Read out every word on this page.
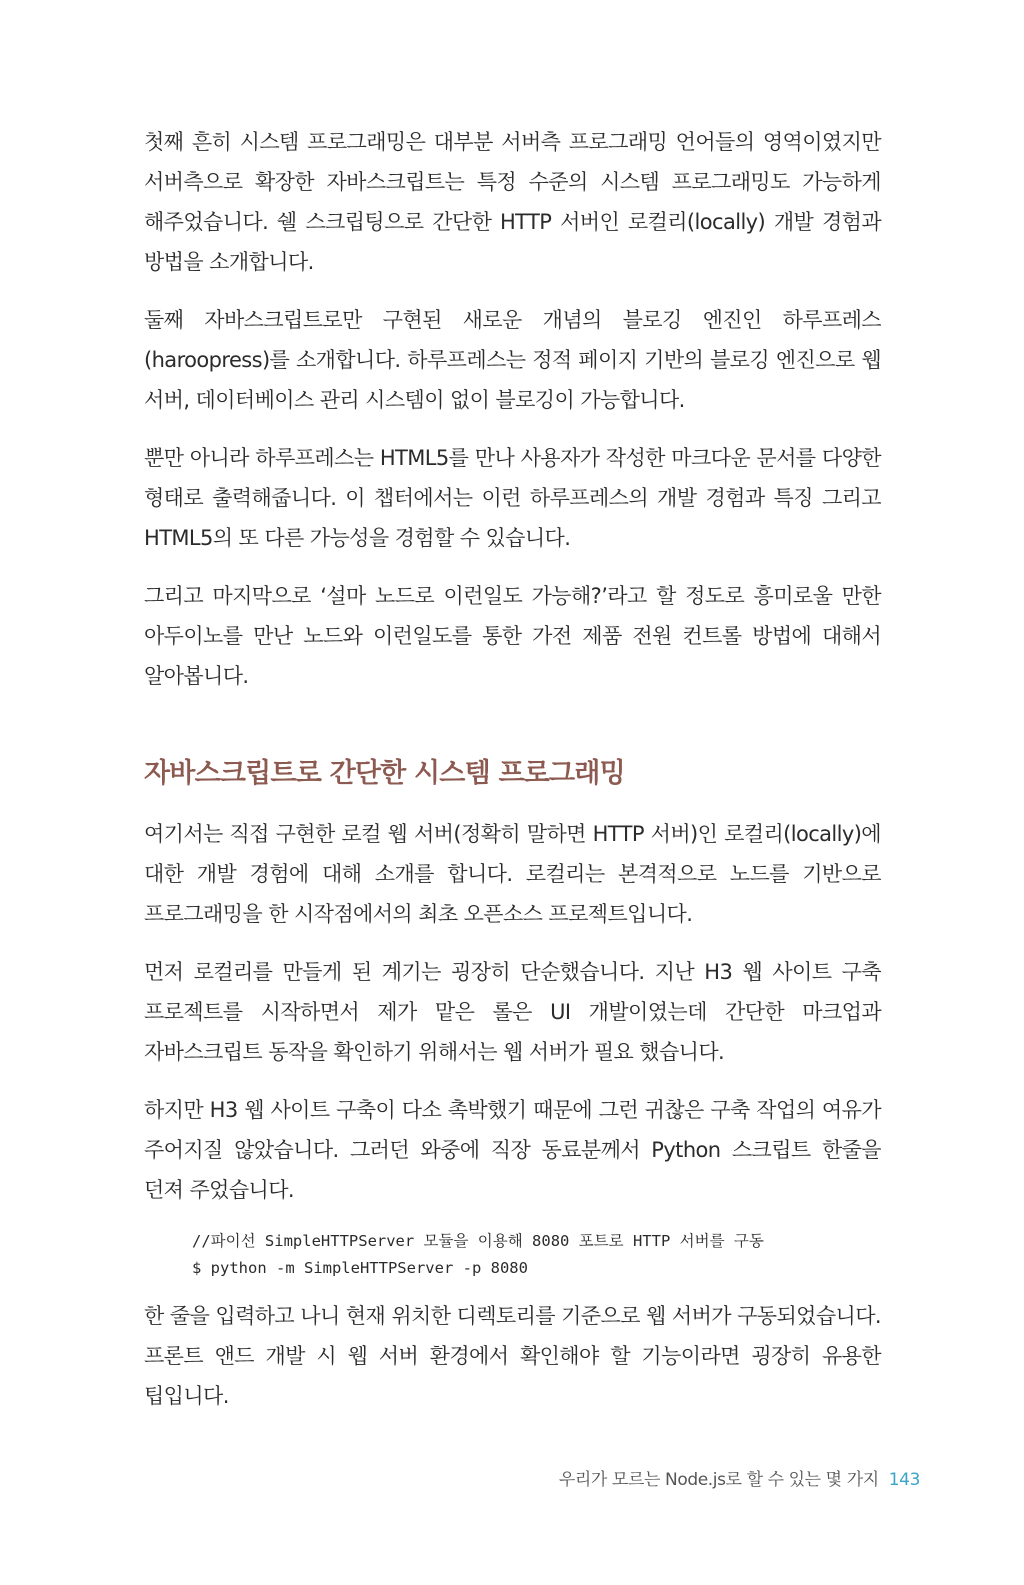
첫째 흔히 시스템 프로그래밍은 대부분 서버측 프로그래밍 언어들의 영역이였지만 서버측으로 확장한 자바스크립트는 특정 수준의 시스템 프로그래밍도 가능하게 해주었습니다. 쉘 스크립팅으로 간단한 HTTP 서버인 로컬리(locally) 개발 경험과 방법을 소개합니다.

둘째 자바스크립트로만 구현된 새로운 개념의 블로깅 엔진인 하루프레스(haroopress)를 소개합니다. 하루프레스는 정적 페이지 기반의 블로깅 엔진으로 웹 서버, 데이터베이스 관리 시스템이 없이 블로깅이 가능합니다.

뿐만 아니라 하루프레스는 HTML5를 만나 사용자가 작성한 마크다운 문서를 다양한 형태로 출력해줍니다. 이 챕터에서는 이런 하루프레스의 개발 경험과 특징 그리고 HTML5의 또 다른 가능성을 경험할 수 있습니다.

그리고 마지막으로 ‘설마 노드로 이런일도 가능해?’라고 할 정도로 흥미로울 만한 아두이노를 만난 노드와 이런일도를 통한 가전 제품 전원 컨트롤 방법에 대해서 알아봅니다.

자바스크립트로 간단한 시스템 프로그래밍

여기서는 직접 구현한 로컬 웹 서버(정확히 말하면 HTTP 서버)인 로컬리(locally)에 대한 개발 경험에 대해 소개를 합니다. 로컬리는 본격적으로 노드를 기반으로 프로그래밍을 한 시작점에서의 최초 오픈소스 프로젝트입니다.

먼저 로컬리를 만들게 된 계기는 굉장히 단순했습니다. 지난 H3 웹 사이트 구축 프로젝트를 시작하면서 제가 맡은 롤은 UI 개발이였는데 간단한 마크업과 자바스크립트 동작을 확인하기 위해서는 웹 서버가 필요 했습니다.

하지만 H3 웹 사이트 구축이 다소 촉박했기 때문에 그런 귀찮은 구축 작업의 여유가 주어지질 않았습니다. 그러던 와중에 직장 동료분께서 Python 스크립트 한줄을 던져 주었습니다.

//파이선 SimpleHTTPServer 모듈을 이용해 8080 포트로 HTTP 서버를 구동
$ python -m SimpleHTTPServer -p 8080

한 줄을 입력하고 나니 현재 위치한 디렉토리를 기준으로 웹 서버가 구동되었습니다. 프론트 앤드 개발 시 웹 서버 환경에서 확인해야 할 기능이라면 굉장히 유용한 팁입니다.

우리가 모르는 Node.js로 할 수 있는 몇 가지 143
